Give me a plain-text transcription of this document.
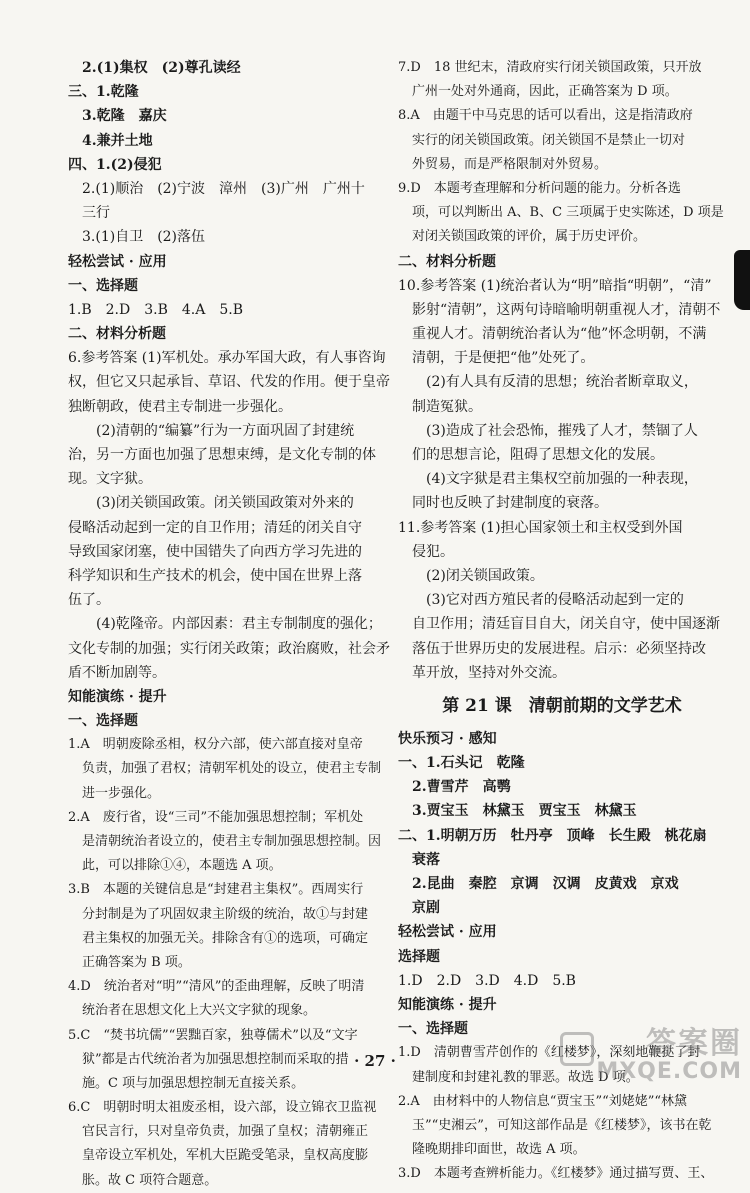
2.(1)集权　(2)尊孔读经
三、1.乾隆
3.乾隆　嘉庆
4.兼并土地
四、1.(2)侵犯
2.(1)顺治　(2)宁波　漳州　(3)广州　广州十
三行
3.(1)自卫　(2)落伍
轻松尝试 · 应用
一、选择题
1.B　2.D　3.B　4.A　5.B
二、材料分析题
6.参考答案 (1)军机处。承办军国大政，有人事咨询
权，但它又只起承旨、草诏、代发的作用。便于皇帝
独断朝政，使君主专制进一步强化。
(2)清朝的“编纂”行为一方面巩固了封建统
治，另一方面也加强了思想束缚，是文化专制的体
现。文字狱。
(3)闭关锁国政策。闭关锁国政策对外来的
侵略活动起到一定的自卫作用；清廷的闭关自守
导致国家闭塞，使中国错失了向西方学习先进的
科学知识和生产技术的机会，使中国在世界上落
伍了。
(4)乾隆帝。内部因素：君主专制制度的强化；
文化专制的加强；实行闭关政策；政治腐败，社会矛
盾不断加剧等。
知能演练 · 提升
一、选择题
1.A　明朝废除丞相，权分六部，使六部直接对皇帝
负责，加强了君权；清朝军机处的设立，使君主专制
进一步强化。
2.A　废行省，设“三司”不能加强思想控制；军机处
是清朝统治者设立的，使君主专制加强思想控制。因
此，可以排除①④，本题选 A 项。
3.B　本题的关键信息是“封建君主集权”。西周实行
分封制是为了巩固奴隶主阶级的统治，故①与封建
君主集权的加强无关。排除含有①的选项，可确定
正确答案为 B 项。
4.D　统治者对“明”“清风”的歪曲理解，反映了明清
统治者在思想文化上大兴文字狱的现象。
5.C　“焚书坑儒”“罢黜百家，独尊儒术”以及“文字
狱”都是古代统治者为加强思想控制而采取的措
施。C 项与加强思想控制无直接关系。
6.C　明朝时明太祖废丞相，设六部，设立锦衣卫监视
官民言行，只对皇帝负责，加强了皇权；清朝雍正
皇帝设立军机处，军机大臣跪受笔录，皇权高度膨
胀。故 C 项符合题意。
7.D　18 世纪末，清政府实行闭关锁国政策，只开放
广州一处对外通商，因此，正确答案为 D 项。
8.A　由题干中马克思的话可以看出，这是指清政府
实行的闭关锁国政策。闭关锁国不是禁止一切对
外贸易，而是严格限制对外贸易。
9.D　本题考查理解和分析问题的能力。分析各选
项，可以判断出 A、B、C 三项属于史实陈述，D 项是
对闭关锁国政策的评价，属于历史评价。
二、材料分析题
10.参考答案 (1)统治者认为“明”暗指“明朝”，“清”
影射“清朝”，这两句诗暗喻明朝重视人才，清朝不
重视人才。清朝统治者认为“他”怀念明朝，不满
清朝，于是便把“他”处死了。
(2)有人具有反清的思想；统治者断章取义，
制造冤狱。
(3)造成了社会恐怖，摧残了人才，禁锢了人
们的思想言论，阻碍了思想文化的发展。
(4)文字狱是君主集权空前加强的一种表现，
同时也反映了封建制度的衰落。
11.参考答案 (1)担心国家领土和主权受到外国
侵犯。
(2)闭关锁国政策。
(3)它对西方殖民者的侵略活动起到一定的
自卫作用；清廷盲目自大，闭关自守，使中国逐渐
落伍于世界历史的发展进程。启示：必须坚持改
革开放，坚持对外交流。
第 21 课　清朝前期的文学艺术
快乐预习 · 感知
一、1.石头记　乾隆
2.曹雪芹　高鹗
3.贾宝玉　林黛玉　贾宝玉　林黛玉
二、1.明朝万历　牡丹亭　顶峰　长生殿　桃花扇
衰落
2.昆曲　秦腔　京调　汉调　皮黄戏　京戏
京剧
轻松尝试 · 应用
选择题
1.D　2.D　3.D　4.D　5.B
知能演练 · 提升
一、选择题
1.D　清朝曹雪芹创作的《红楼梦》，深刻地鞭挞了封
建制度和封建礼教的罪恶。故选 D 项。
2.A　由材料中的人物信息“贾宝玉”“刘姥姥”“林黛
玉”“史湘云”，可知这部作品是《红楼梦》，该书在乾
隆晚期排印面世，故选 A 项。
3.D　本题考查辨析能力。《红楼梦》通过描写贾、王、
· 27 ·	答案圈
MXQE.COM
